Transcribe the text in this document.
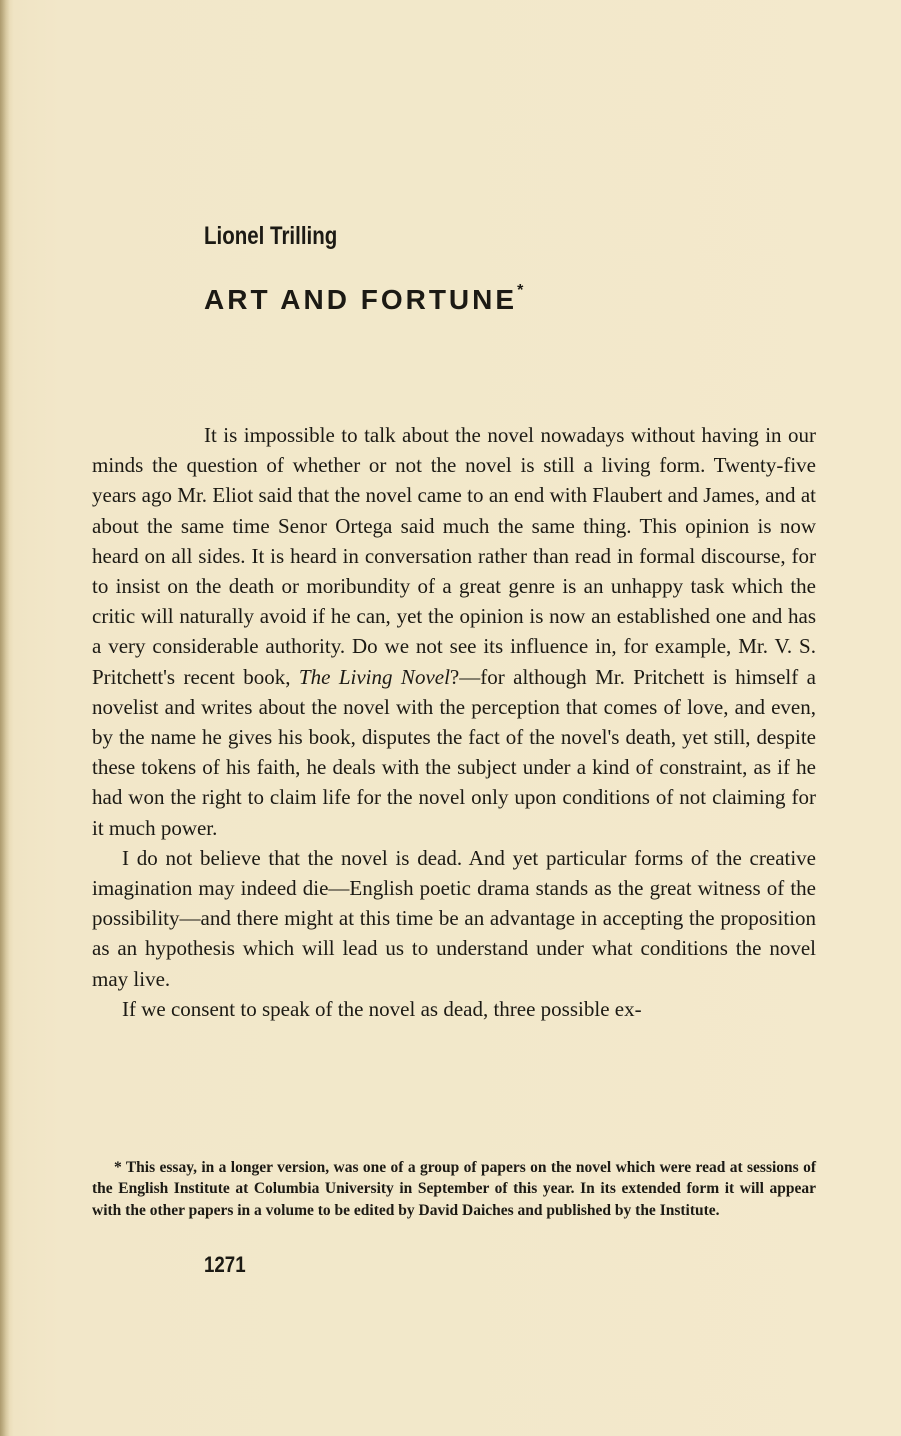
Lionel Trilling
ART AND FORTUNE*

It is impossible to talk about the novel nowadays without having in our minds the question of whether or not the novel is still a living form. Twenty-five years ago Mr. Eliot said that the novel came to an end with Flaubert and James, and at about the same time Senor Ortega said much the same thing. This opinion is now heard on all sides. It is heard in conversation rather than read in formal discourse, for to insist on the death or moribundity of a great genre is an unhappy task which the critic will naturally avoid if he can, yet the opinion is now an established one and has a very considerable authority. Do we not see its influence in, for example, Mr. V. S. Pritchett's recent book, The Living Novel?—for although Mr. Pritchett is himself a novelist and writes about the novel with the perception that comes of love, and even, by the name he gives his book, disputes the fact of the novel's death, yet still, despite these tokens of his faith, he deals with the subject under a kind of constraint, as if he had won the right to claim life for the novel only upon conditions of not claiming for it much power.

I do not believe that the novel is dead. And yet particular forms of the creative imagination may indeed die—English poetic drama stands as the great witness of the possibility—and there might at this time be an advantage in accepting the proposition as an hypothesis which will lead us to understand under what conditions the novel may live.

If we consent to speak of the novel as dead, three possible ex-

* This essay, in a longer version, was one of a group of papers on the novel which were read at sessions of the English Institute at Columbia University in September of this year. In its extended form it will appear with the other papers in a volume to be edited by David Daiches and published by the Institute.
1271
